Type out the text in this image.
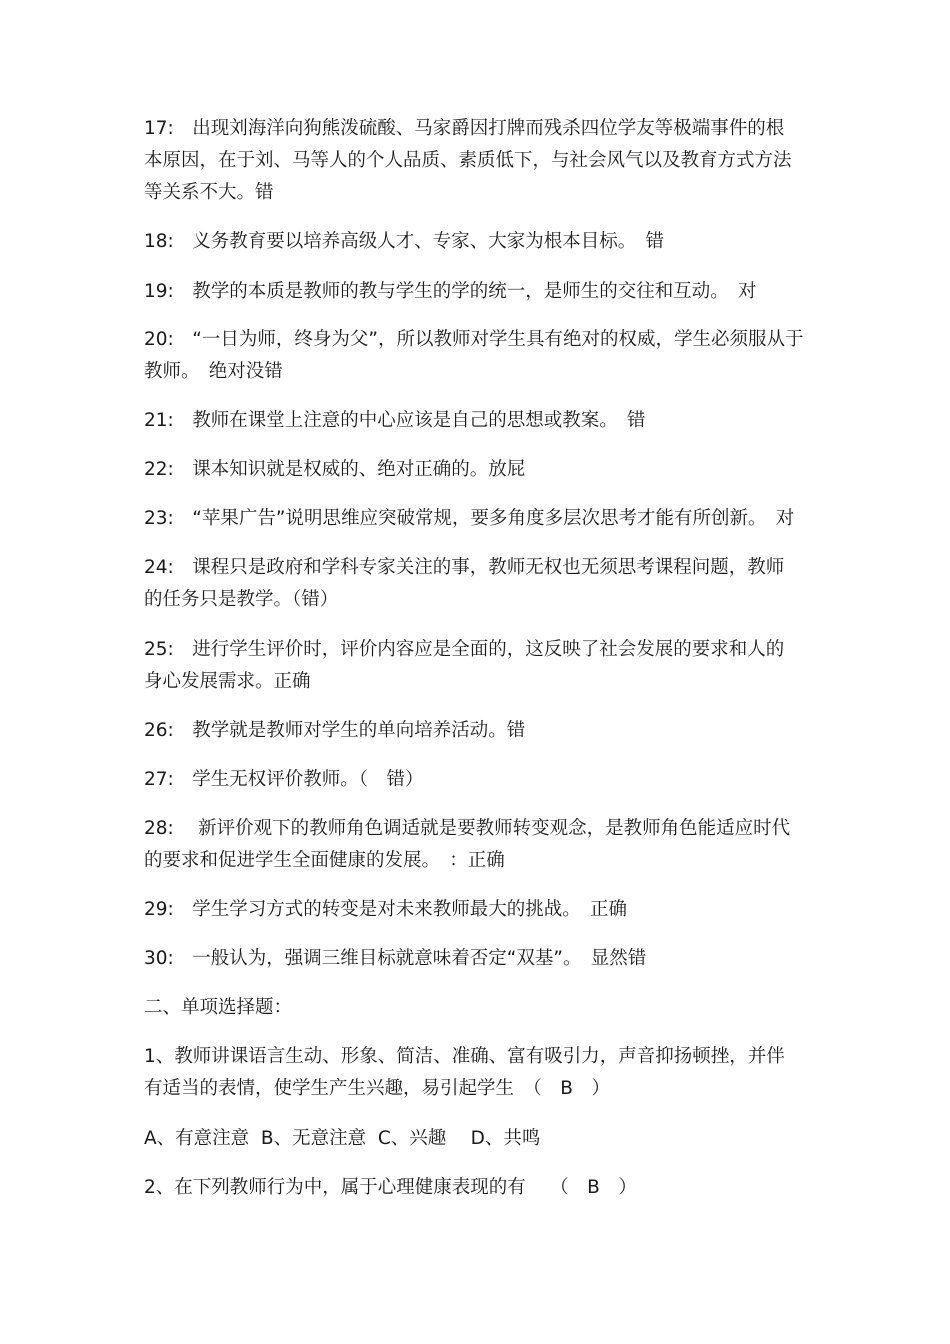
17:　出现刘海洋向狗熊泼硫酸、马家爵因打牌而残杀四位学友等极端事件的根
本原因，在于刘、马等人的个人品质、素质低下，与社会风气以及教育方式方法
等关系不大。错
18:　义务教育要以培养高级人才、专家、大家为根本目标。　错
19:　教学的本质是教师的教与学生的学的统一，是师生的交往和互动。　对
20:　“一日为师，终身为父”，所以教师对学生具有绝对的权威，学生必须服从于
教师。　绝对没错
21:　教师在课堂上注意的中心应该是自己的思想或教案。　错
22:　课本知识就是权威的、绝对正确的。放屁
23:　“苹果广告”说明思维应突破常规，要多角度多层次思考才能有所创新。　对
24:　课程只是政府和学科专家关注的事，教师无权也无须思考课程问题，教师
的任务只是教学。（错）
25:　进行学生评价时，评价内容应是全面的，这反映了社会发展的要求和人的
身心发展需求。正确
26:　教学就是教师对学生的单向培养活动。错
27:　学生无权评价教师。（　错）
28:　 新评价观下的教师角色调适就是要教师转变观念，是教师角色能适应时代
的要求和促进学生全面健康的发展。　：正确
29:　学生学习方式的转变是对未来教师最大的挑战。　正确
30:　一般认为，强调三维目标就意味着否定“双基”。　显然错
二、单项选择题：
1、教师讲课语言生动、形象、简洁、准确、富有吸引力，声音抑扬顿挫，并伴
有适当的表情，使学生产生兴趣，易引起学生　（　B　）
A、有意注意  B、无意注意  C、兴趣　 D、共鸣
2、在下列教师行为中，属于心理健康表现的有　 （　B　）
